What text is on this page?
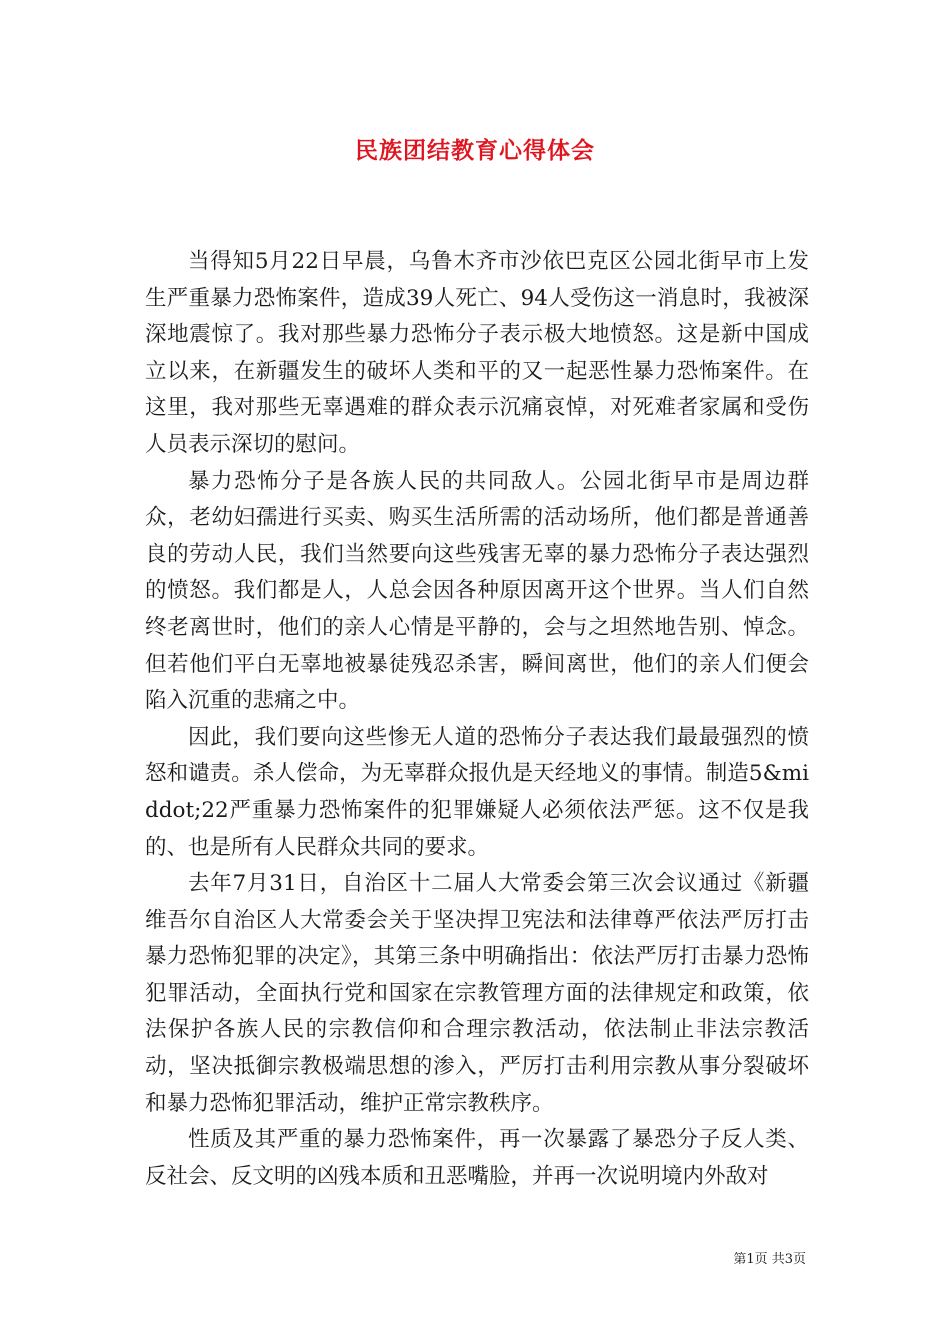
民族团结教育心得体会

当得知5月22日早晨，乌鲁木齐市沙依巴克区公园北街早市上发生严重暴力恐怖案件，造成39人死亡、94人受伤这一消息时，我被深深地震惊了。我对那些暴力恐怖分子表示极大地愤怒。这是新中国成立以来，在新疆发生的破坏人类和平的又一起恶性暴力恐怖案件。在这里，我对那些无辜遇难的群众表示沉痛哀悼，对死难者家属和受伤人员表示深切的慰问。

暴力恐怖分子是各族人民的共同敌人。公园北街早市是周边群众，老幼妇孺进行买卖、购买生活所需的活动场所，他们都是普通善良的劳动人民，我们当然要向这些残害无辜的暴力恐怖分子表达强烈的愤怒。我们都是人，人总会因各种原因离开这个世界。当人们自然终老离世时，他们的亲人心情是平静的，会与之坦然地告别、悼念。但若他们平白无辜地被暴徒残忍杀害，瞬间离世，他们的亲人们便会陷入沉重的悲痛之中。

因此，我们要向这些惨无人道的恐怖分子表达我们最最强烈的愤怒和谴责。杀人偿命，为无辜群众报仇是天经地义的事情。制造5&middot;22严重暴力恐怖案件的犯罪嫌疑人必须依法严惩。这不仅是我的、也是所有人民群众共同的要求。

去年7月31日，自治区十二届人大常委会第三次会议通过《新疆维吾尔自治区人大常委会关于坚决捍卫宪法和法律尊严依法严厉打击暴力恐怖犯罪的决定》，其第三条中明确指出：依法严厉打击暴力恐怖犯罪活动，全面执行党和国家在宗教管理方面的法律规定和政策，依法保护各族人民的宗教信仰和合理宗教活动，依法制止非法宗教活动，坚决抵御宗教极端思想的渗入，严厉打击利用宗教从事分裂破坏和暴力恐怖犯罪活动，维护正常宗教秩序。

性质及其严重的暴力恐怖案件，再一次暴露了暴恐分子反人类、反社会、反文明的凶残本质和丑恶嘴脸，并再一次说明境内外敌对

第1页 共3页
